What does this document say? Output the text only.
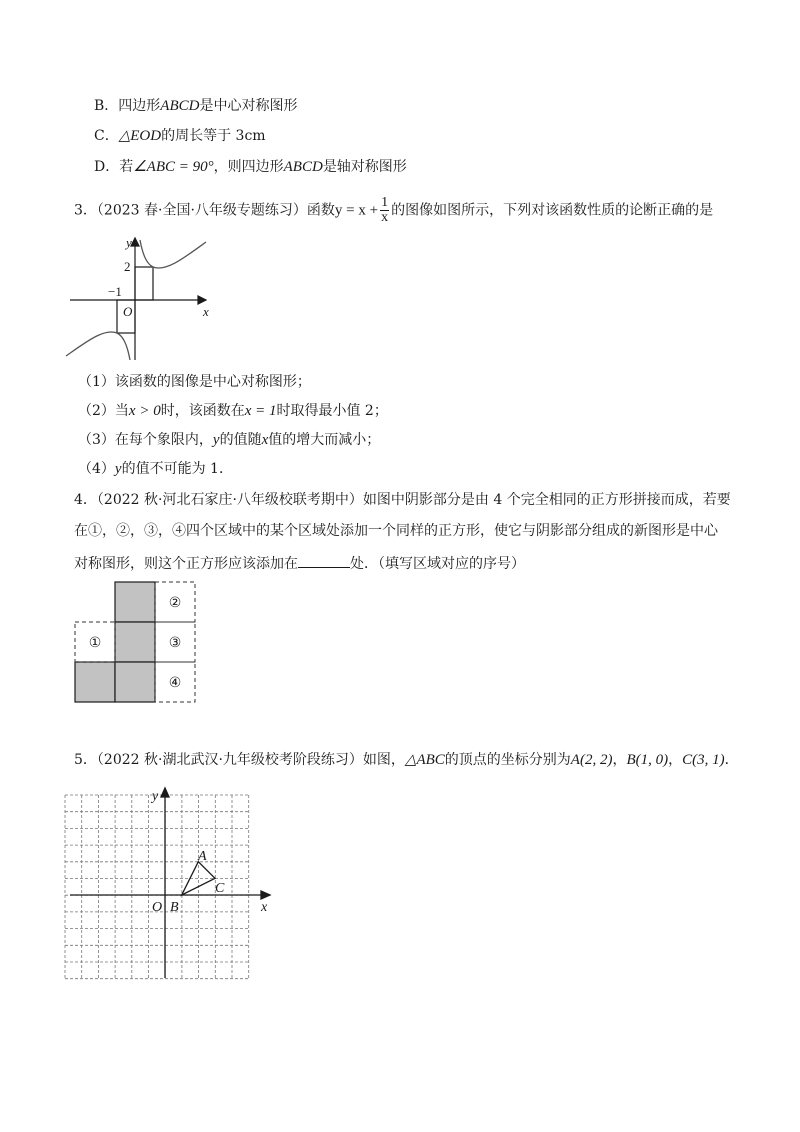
B．四边形ABCD是中心对称图形
C．△EOD的周长等于 3cm
D．若∠ABC = 90°，则四边形ABCD是轴对称图形
3．（2023 春·全国·八年级专题练习）函数$y = x + \frac{1}{x}$ 的图像如图所示，下列对该函数性质的论断正确的是
y
x
2
−1
O
（1）该函数的图像是中心对称图形；
（2）当x > 0时，该函数在x = 1时取得最小值 2；
（3）在每个象限内，y的值随x值的增大而减小；
（4）y的值不可能为 1．
4．（2022 秋·河北石家庄·八年级校联考期中）如图中阴影部分是由 4 个完全相同的正方形拼接而成，若要
在①，②，③，④四个区域中的某个区域处添加一个同样的正方形，使它与阴影部分组成的新图形是中心
对称图形，则这个正方形应该添加在	处．（填写区域对应的序号）
①
②
③
④
5．（2022 秋·湖北武汉·九年级校考阶段练习）如图，△ABC的顶点的坐标分别为A(2, 2)，B(1, 0)，C(3, 1)．
y
x
O B
A
C
